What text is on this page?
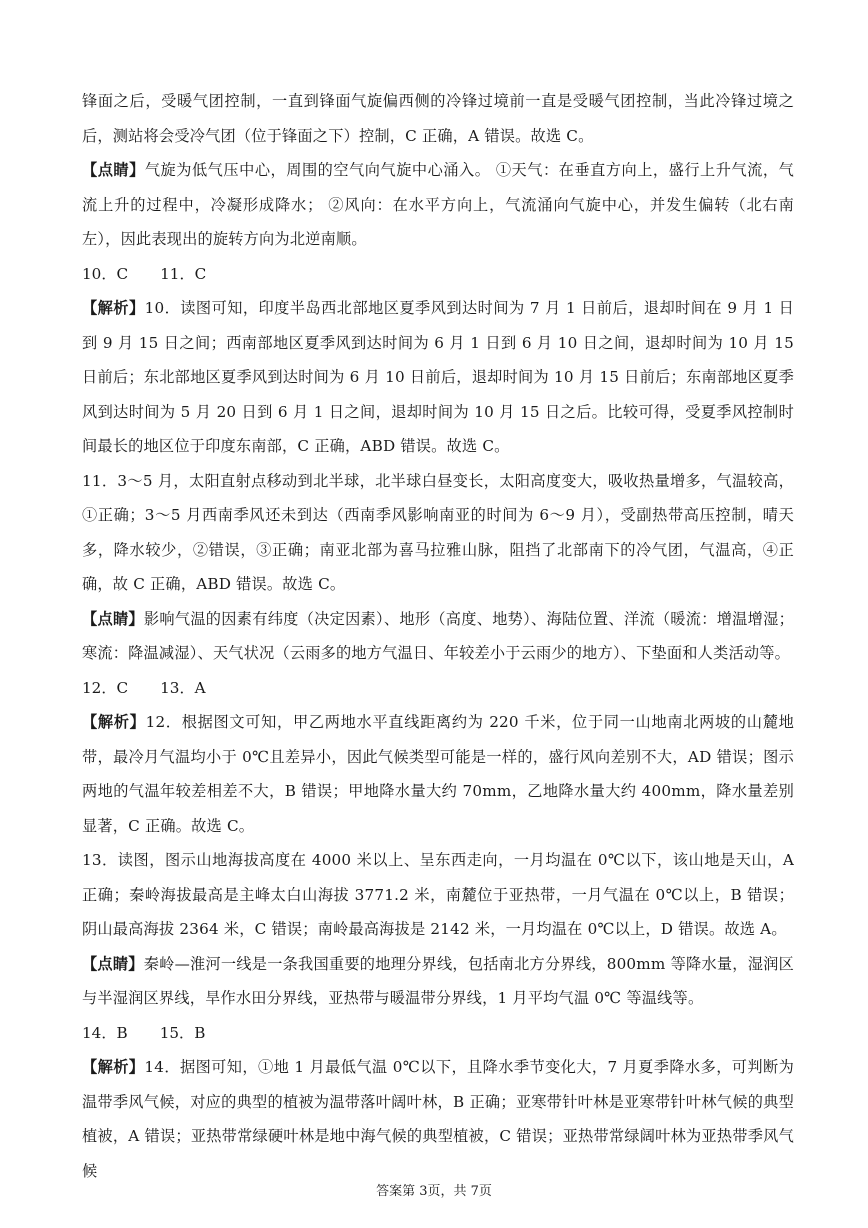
锋面之后，受暖气团控制，一直到锋面气旋偏西侧的冷锋过境前一直是受暖气团控制，当此冷锋过境之后，测站将会受冷气团（位于锋面之下）控制，C 正确，A 错误。故选 C。

【点睛】气旋为低气压中心，周围的空气向气旋中心涌入。 ①天气：在垂直方向上，盛行上升气流，气流上升的过程中，冷凝形成降水； ②风向：在水平方向上，气流涌向气旋中心，并发生偏转（北右南左），因此表现出的旋转方向为北逆南顺。

10．C 11．C

【解析】10．读图可知，印度半岛西北部地区夏季风到达时间为 7 月 1 日前后，退却时间在 9 月 1 日到 9 月 15 日之间；西南部地区夏季风到达时间为 6 月 1 日到 6 月 10 日之间，退却时间为 10 月 15 日前后；东北部地区夏季风到达时间为 6 月 10 日前后，退却时间为 10 月 15 日前后；东南部地区夏季风到达时间为 5 月 20 日到 6 月 1 日之间，退却时间为 10 月 15 日之后。比较可得，受夏季风控制时间最长的地区位于印度东南部，C 正确，ABD 错误。故选 C。

11．3～5 月，太阳直射点移动到北半球，北半球白昼变长，太阳高度变大，吸收热量增多，气温较高，①正确；3～5 月西南季风还未到达（西南季风影响南亚的时间为 6～9 月），受副热带高压控制，晴天多，降水较少，②错误，③正确；南亚北部为喜马拉雅山脉，阻挡了北部南下的冷气团，气温高，④正确，故 C 正确，ABD 错误。故选 C。

【点睛】影响气温的因素有纬度（决定因素）、地形（高度、地势）、海陆位置、洋流（暖流：增温增湿；寒流：降温减湿）、天气状况（云雨多的地方气温日、年较差小于云雨少的地方）、下垫面和人类活动等。

12．C 13．A

【解析】12．根据图文可知，甲乙两地水平直线距离约为 220 千米，位于同一山地南北两坡的山麓地带，最冷月气温均小于 0℃且差异小，因此气候类型可能是一样的，盛行风向差别不大，AD 错误；图示两地的气温年较差相差不大，B 错误；甲地降水量大约 70mm，乙地降水量大约 400mm，降水量差别显著，C 正确。故选 C。

13．读图，图示山地海拔高度在 4000 米以上、呈东西走向，一月均温在 0℃以下，该山地是天山，A 正确；秦岭海拔最高是主峰太白山海拔 3771.2 米，南麓位于亚热带，一月气温在 0℃以上，B 错误；阴山最高海拔 2364 米，C 错误；南岭最高海拔是 2142 米，一月均温在 0℃以上，D 错误。故选 A。

【点睛】秦岭—淮河一线是一条我国重要的地理分界线，包括南北方分界线，800mm 等降水量，湿润区与半湿润区界线，旱作水田分界线，亚热带与暖温带分界线，1 月平均气温 0℃ 等温线等。

14．B 15．B

【解析】14．据图可知，①地 1 月最低气温 0℃以下，且降水季节变化大，7 月夏季降水多，可判断为温带季风气候，对应的典型的植被为温带落叶阔叶林，B 正确；亚寒带针叶林是亚寒带针叶林气候的典型植被，A 错误；亚热带常绿硬叶林是地中海气候的典型植被，C 错误；亚热带常绿阔叶林为亚热带季风气候

答案第 3页，共 7页
